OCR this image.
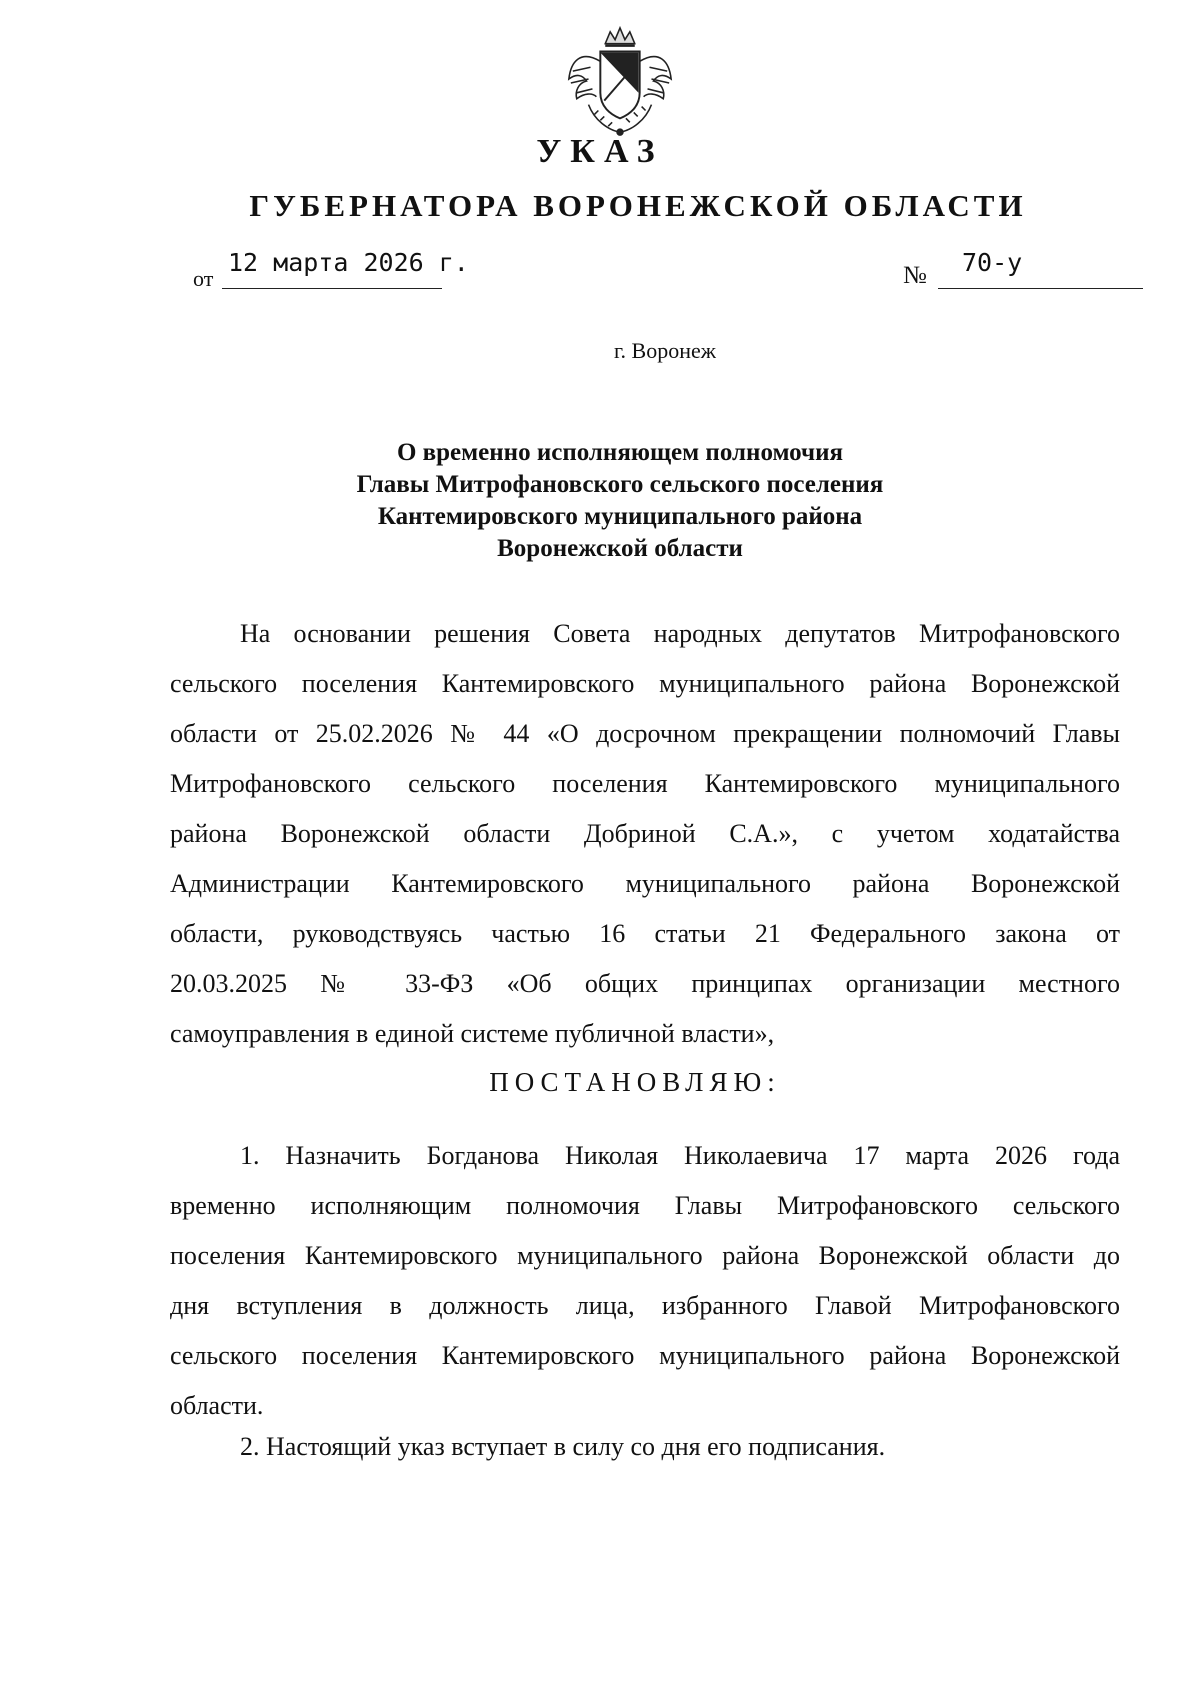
УКАЗ
ГУБЕРНАТОРА ВОРОНЕЖСКОЙ ОБЛАСТИ
от
12 марта 2026 г.	№ 70-у
г. Воронеж
О временно исполняющем полномочия
Главы Митрофановского сельского поселения
Кантемировского муниципального района
Воронежской области
На основании решения Совета народных депутатов Митрофановского
сельского поселения Кантемировского муниципального района Воронежской
области от 25.02.2026 № 44 «О досрочном прекращении полномочий Главы
Митрофановского сельского поселения Кантемировского муниципального
района Воронежской области Добриной С.А.», с учетом ходатайства
Администрации Кантемировского муниципального района Воронежской
области, руководствуясь частью 16 статьи 21 Федерального закона от
20.03.2025 № 33-ФЗ «Об общих принципах организации местного
самоуправления в единой системе публичной власти»,
ПОСТАНОВЛЯЮ:
1. Назначить Богданова Николая Николаевича 17 марта 2026 года
временно исполняющим полномочия Главы Митрофановского сельского
поселения Кантемировского муниципального района Воронежской области до
дня вступления в должность лица, избранного Главой Митрофановского
сельского поселения Кантемировского муниципального района Воронежской
области.
2. Настоящий указ вступает в силу со дня его подписания.
